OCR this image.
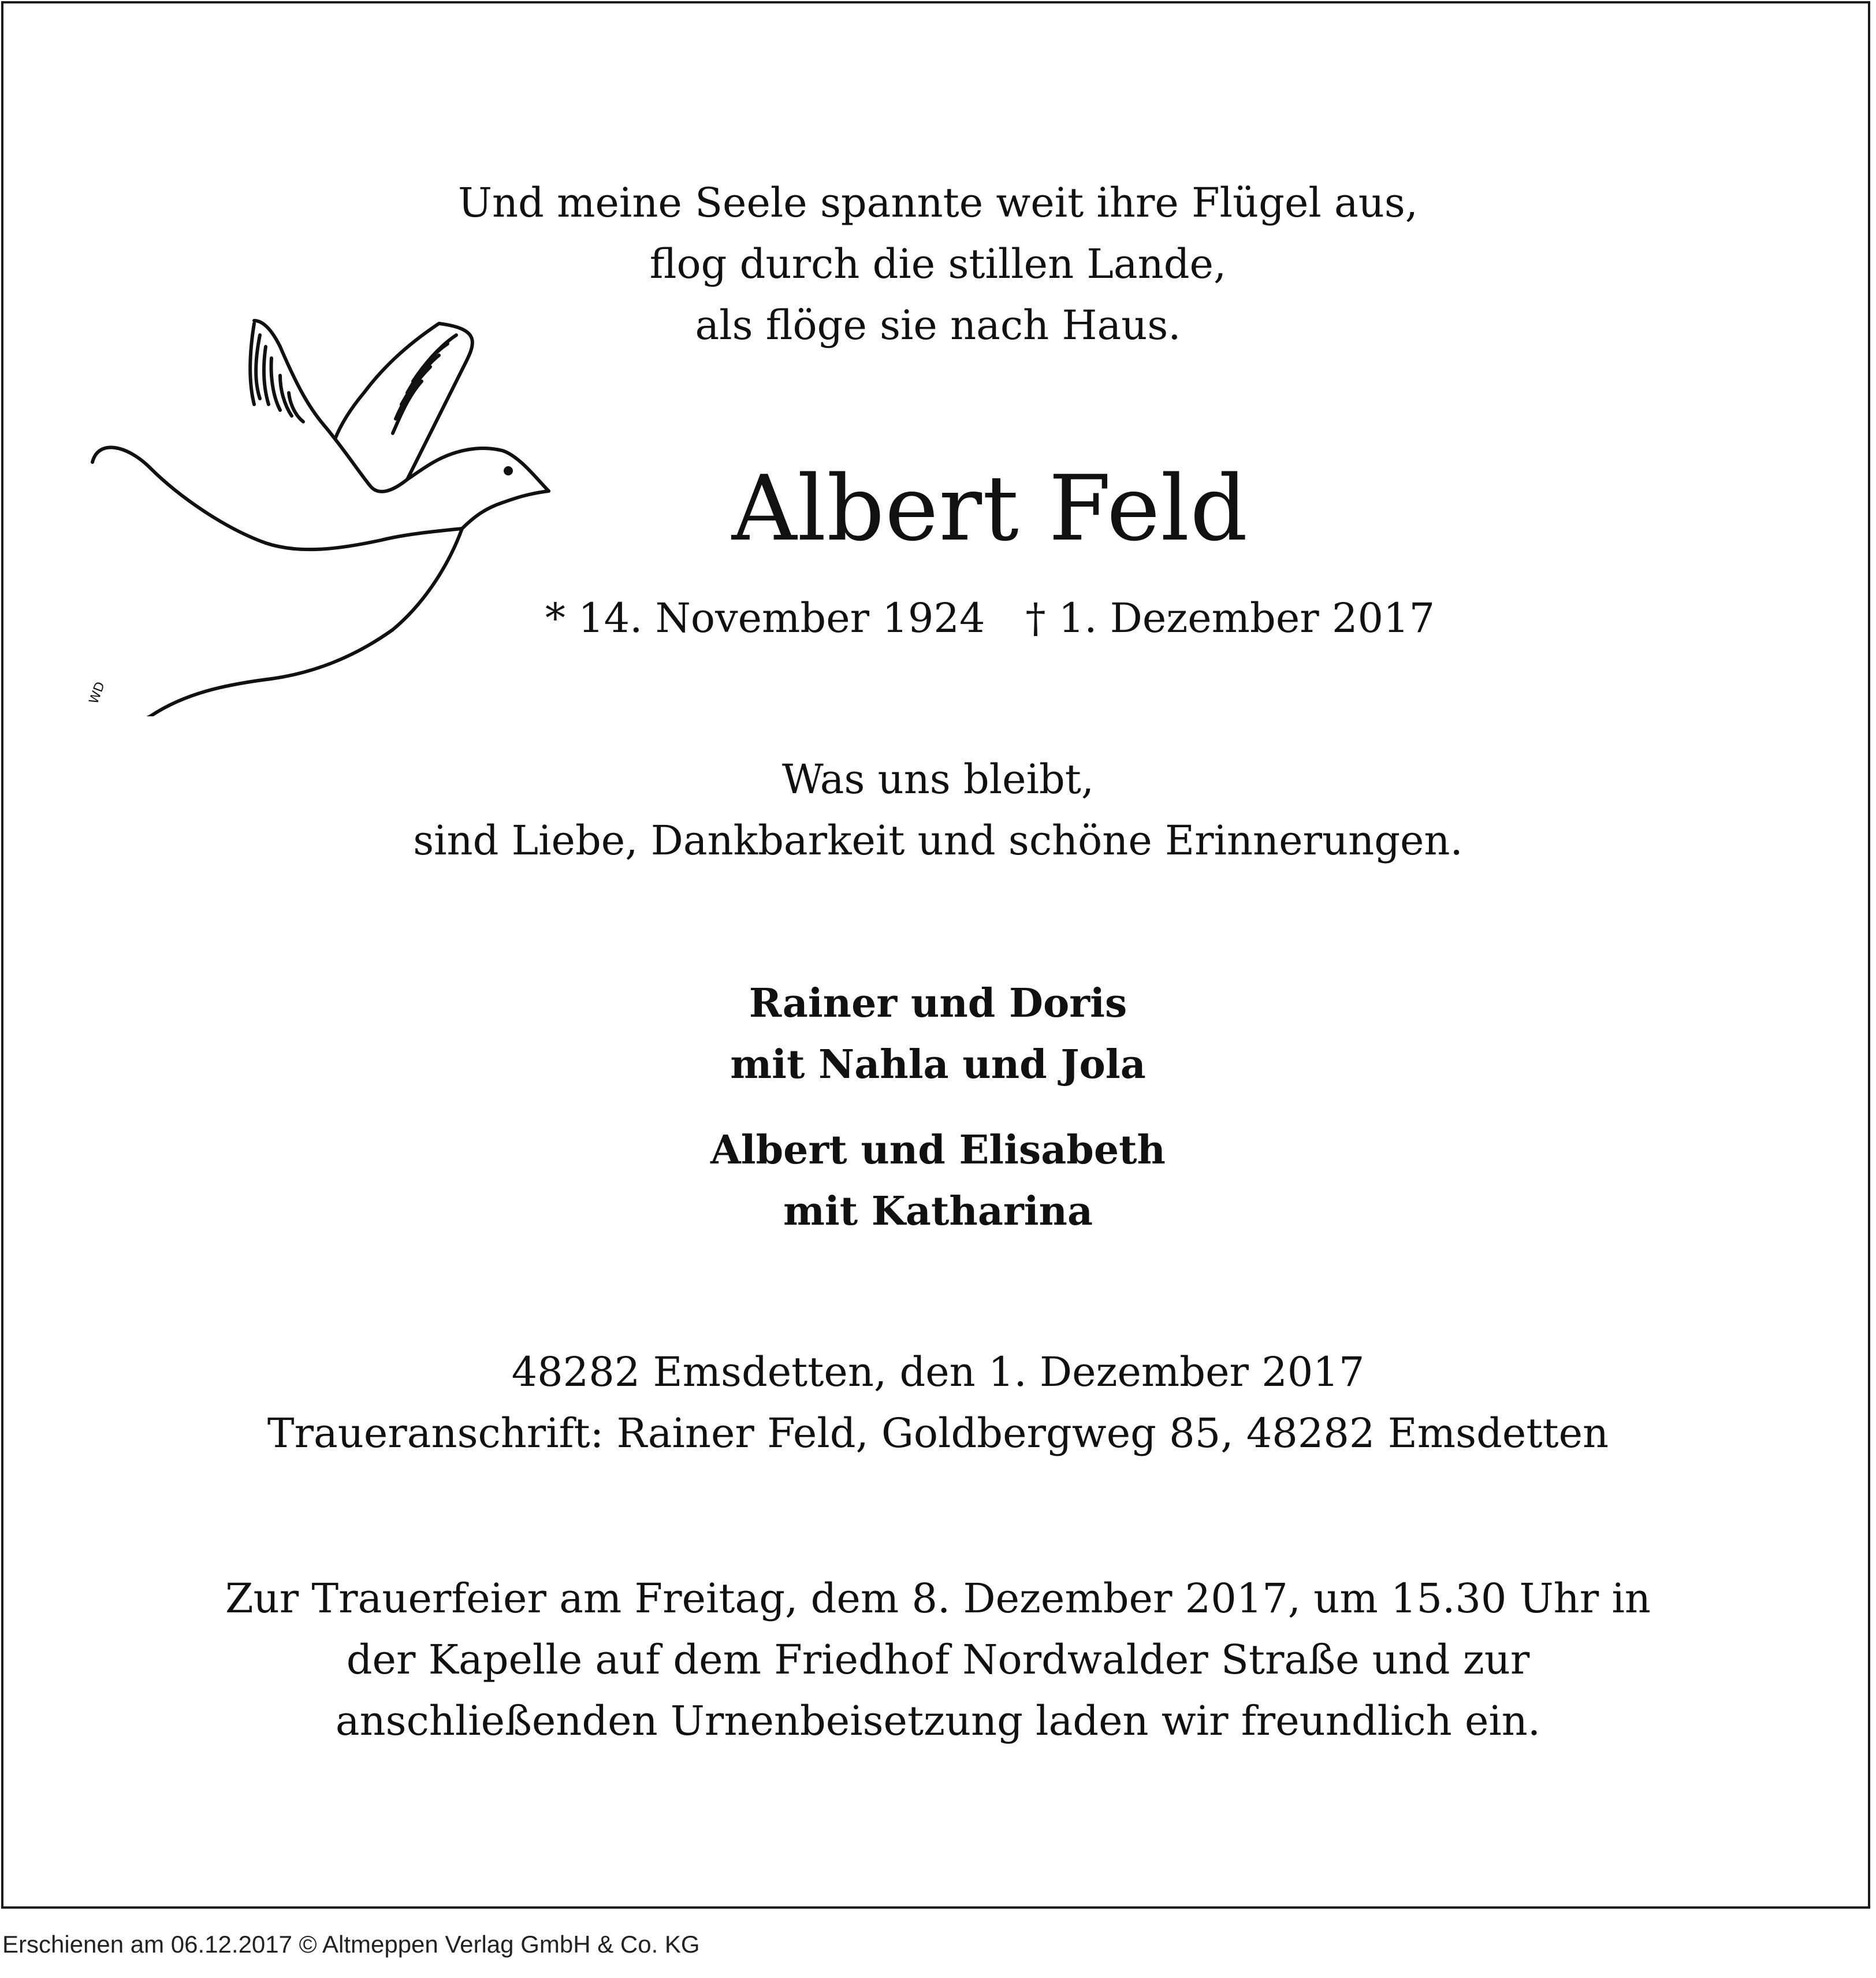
Und meine Seele spannte weit ihre Flügel aus,
flog durch die stillen Lande,
als flöge sie nach Haus.
WD
Albert Feld
* 14. November 1924 † 1. Dezember 2017
Was uns bleibt,
sind Liebe, Dankbarkeit und schöne Erinnerungen.
Rainer und Doris
mit Nahla und Jola
Albert und Elisabeth
mit Katharina
48282 Emsdetten, den 1. Dezember 2017
Traueranschrift: Rainer Feld, Goldbergweg 85, 48282 Emsdetten
Zur Trauerfeier am Freitag, dem 8. Dezember 2017, um 15.30 Uhr in
der Kapelle auf dem Friedhof Nordwalder Straße und zur
anschließenden Urnenbeisetzung laden wir freundlich ein.
Erschienen am 06.12.2017 © Altmeppen Verlag GmbH & Co. KG
